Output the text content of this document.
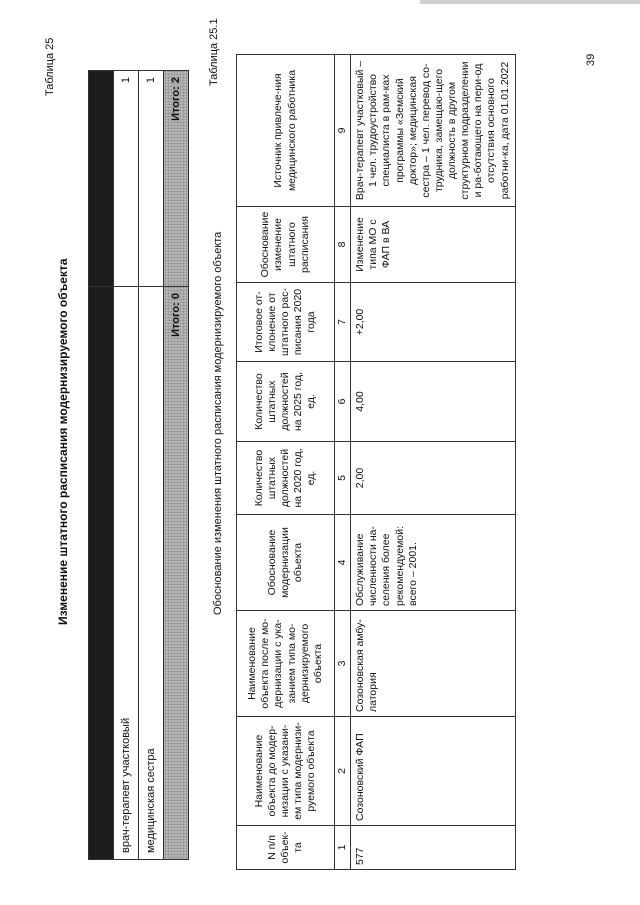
Таблица 25
Изменение штатного расписания модернизируемого объекта

врач-терапевт участковый	1
медицинская сестра	1
Итого: 0	Итого: 2
Таблица 25.1
Обоснование изменения штатного расписания модернизируемого объекта
N п/п объек-та	Наименование объекта до модер-низации с указани-ем типа модернизи-руемого объекта	Наименование объекта после мо-дернизации с ука-занием типа мо-дернизируемого объекта	Обоснование модернизации объекта	Количество штатных должностей на 2020 год, ед.	Количество штатных должностей на 2025 год, ед.	Итоговое от-клонение от штатного рас-писания 2020 года	Обоснование изменение штатного расписания	Источник привлече-ния медицинского работника
1	2	3	4	5	6	7	8	9
577	Созоновский ФАП	Созоновская амбу-латория	Обслуживание численности на-селения более рекомендуемой: всего – 2001.	2,00	4,00	+2,00	Изменение типа МО с ФАП в ВА	Врач-терапевт участковый – 1 чел. трудоустройство специалиста в рам-ках программы «Земский доктор»; медицинская сестра – 1 чел. перевод со-трудника, замещаю-щего должность в другом структурном подразделении и ра-ботающего на пери-од отсутствия основного работни-ка, дата 01.01.2022
39
